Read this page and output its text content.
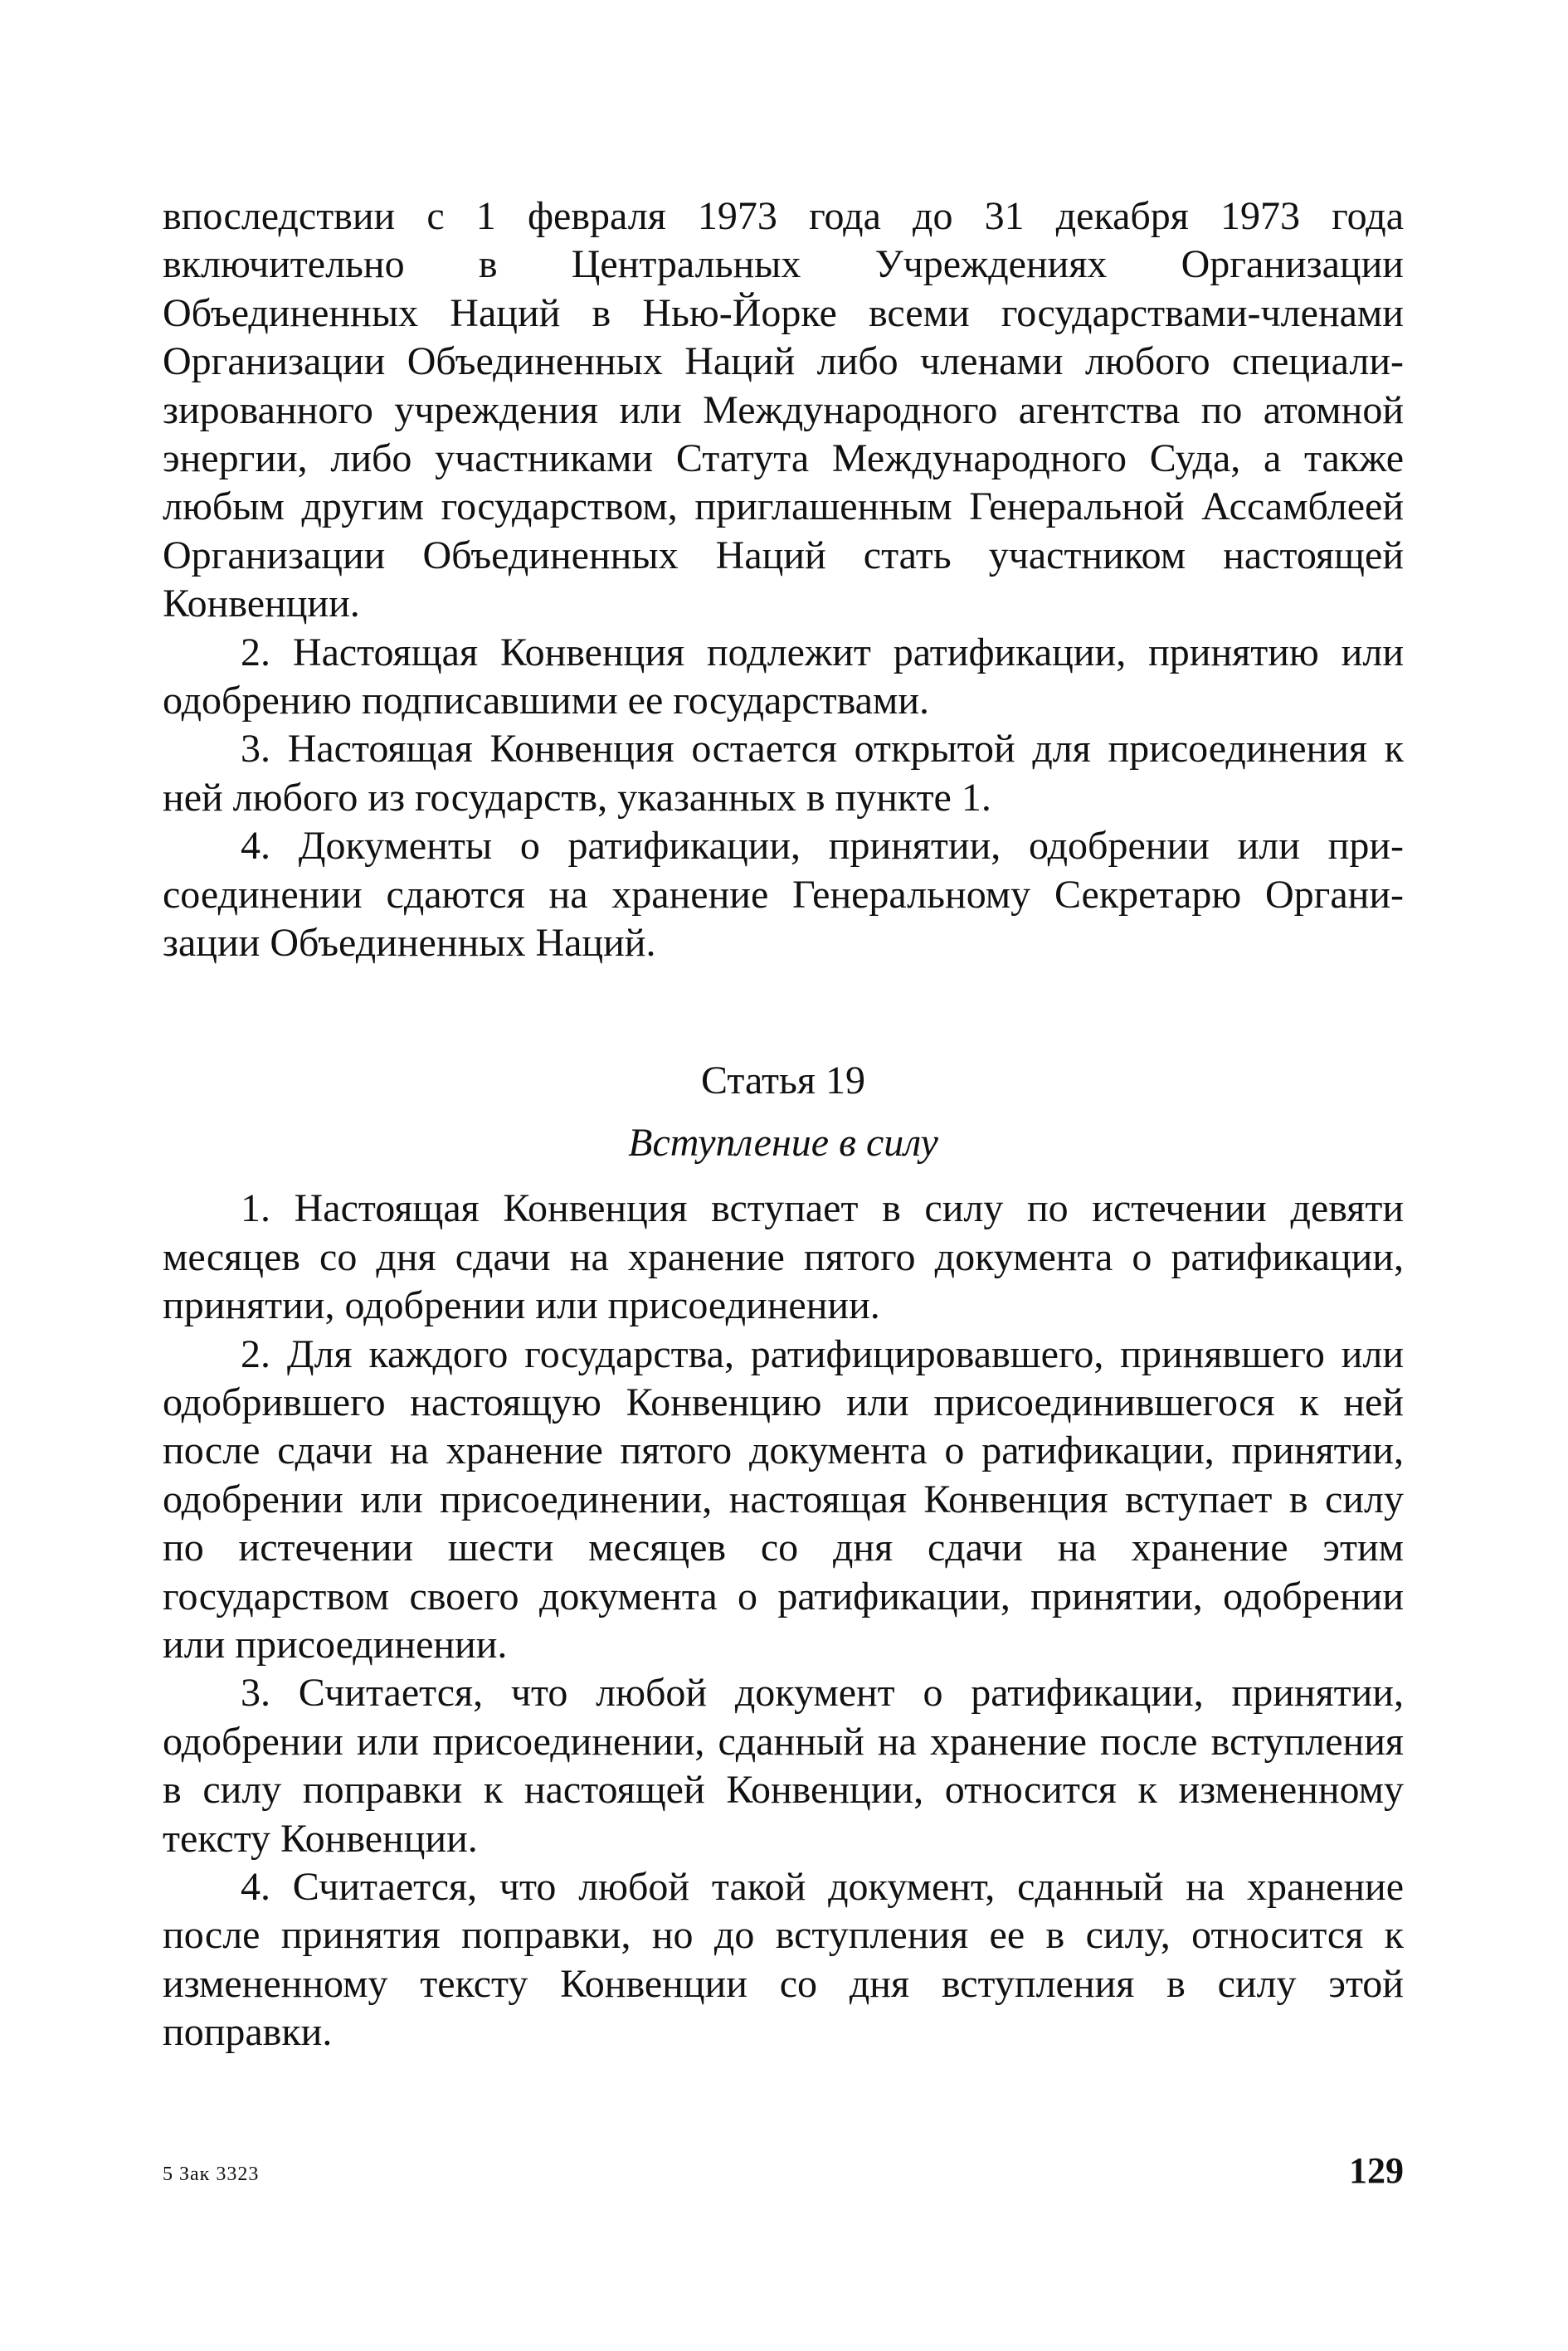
впоследствии с 1 февраля 1973 года до 31 декабря 1973 года включительно в Центральных Учреждениях Организации Объединенных Наций в Нью-Йорке всеми государствами-членами Организации Объединенных Наций либо членами любого специализированного учреждения или Международного агентства по атомной энергии, либо участниками Статута Международного Суда, а также любым другим государством, приглашенным Генеральной Ассамблеей Организации Объединенных Наций стать участником настоящей Конвенции.

2. Настоящая Конвенция подлежит ратификации, принятию или одобрению подписавшими ее государствами.

3. Настоящая Конвенция остается открытой для присоединения к ней любого из государств, указанных в пункте 1.

4. Документы о ратификации, принятии, одобрении или присоединении сдаются на хранение Генеральному Секретарю Организации Объединенных Наций.

Статья 19
Вступление в силу

1. Настоящая Конвенция вступает в силу по истечении девяти месяцев со дня сдачи на хранение пятого документа о ратификации, принятии, одобрении или присоединении.

2. Для каждого государства, ратифицировавшего, принявшего или одобрившего настоящую Конвенцию или присоединившегося к ней после сдачи на хранение пятого документа о ратификации, принятии, одобрении или присоединении, настоящая Конвенция вступает в силу по истечении шести месяцев со дня сдачи на хранение этим государством своего документа о ратификации, принятии, одобрении или присоединении.

3. Считается, что любой документ о ратификации, принятии, одобрении или присоединении, сданный на хранение после вступления в силу поправки к настоящей Конвенции, относится к измененному тексту Конвенции.

4. Считается, что любой такой документ, сданный на хранение после принятия поправки, но до вступления ее в силу, относится к измененному тексту Конвенции со дня вступления в силу этой поправки.

5 Зак 3323	129
